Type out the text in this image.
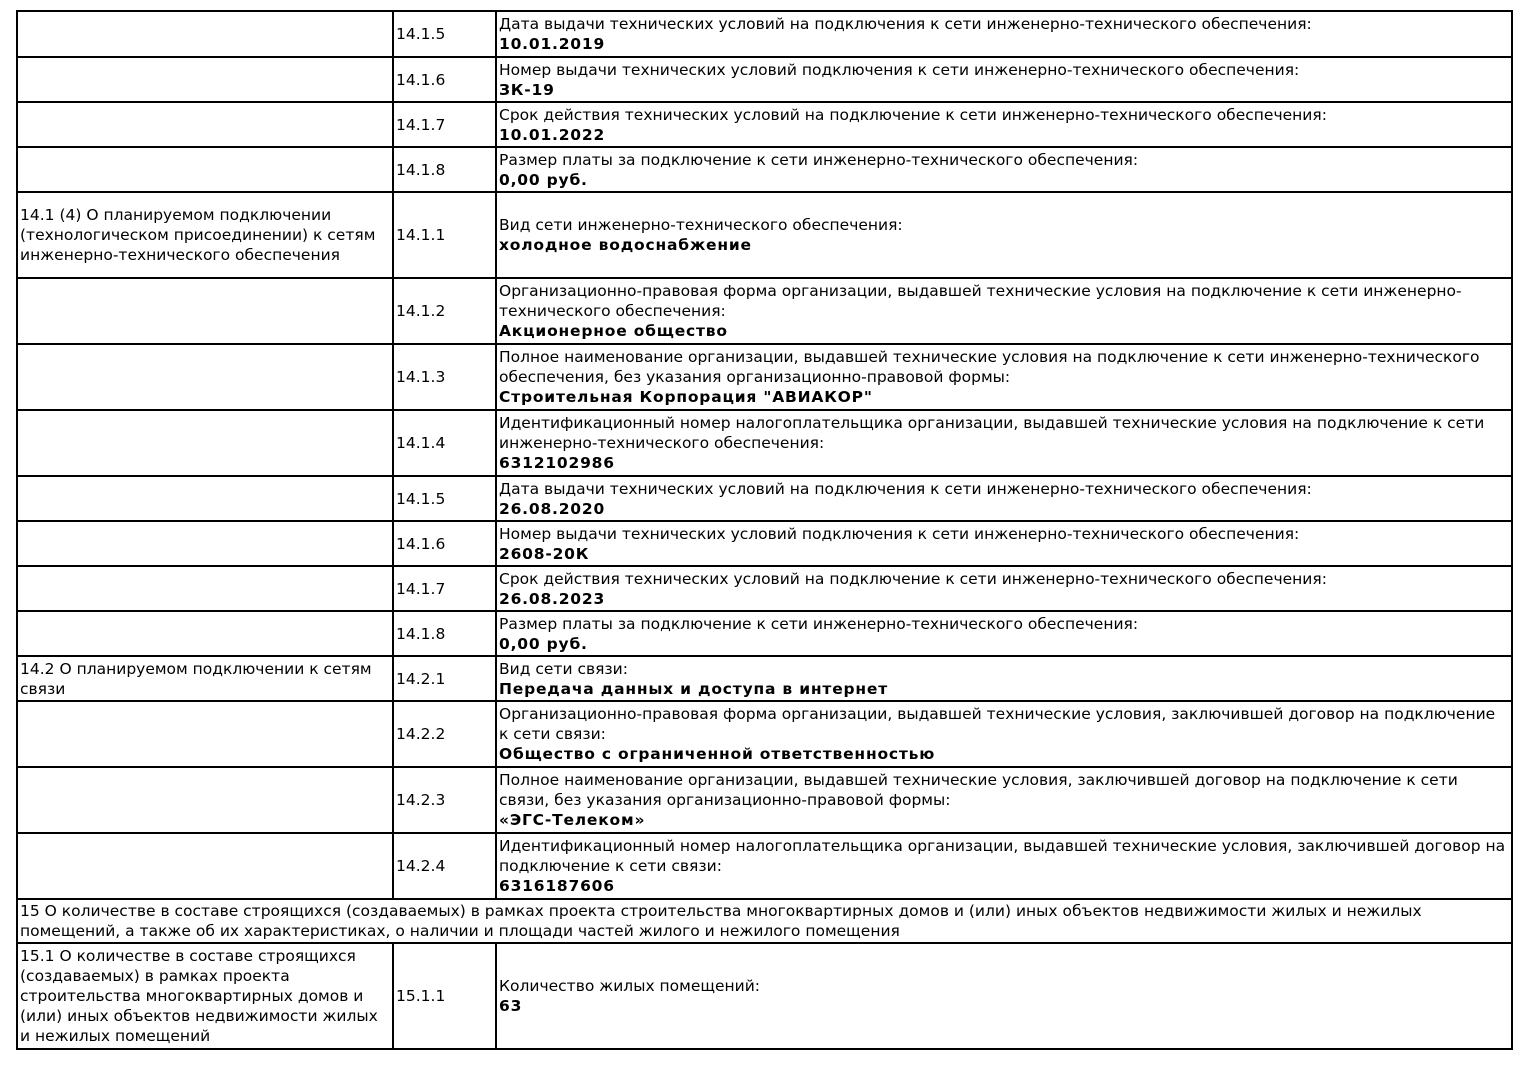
	14.1.5	Дата выдачи технических условий на подключения к сети инженерно-технического обеспечения:
10.01.2019

	14.1.6	Номер выдачи технических условий подключения к сети инженерно-технического обеспечения:
ЗК-19

	14.1.7	Срок действия технических условий на подключение к сети инженерно-технического обеспечения:
10.01.2022

	14.1.8	Размер платы за подключение к сети инженерно-технического обеспечения:
0,00 руб.

14.1 (4) О планируемом подключении (технологическом присоединении) к сетям инженерно-технического обеспечения	14.1.1	Вид сети инженерно-технического обеспечения:
холодное водоснабжение

	14.1.2	Организационно-правовая форма организации, выдавшей технические условия на подключение к сети инженерно-технического обеспечения:
Акционерное общество

	14.1.3	Полное наименование организации, выдавшей технические условия на подключение к сети инженерно-технического обеспечения, без указания организационно-правовой формы:
Строительная Корпорация "АВИАКОР"

	14.1.4	Идентификационный номер налогоплательщика организации, выдавшей технические условия на подключение к сети инженерно-технического обеспечения:
6312102986

	14.1.5	Дата выдачи технических условий на подключения к сети инженерно-технического обеспечения:
26.08.2020

	14.1.6	Номер выдачи технических условий подключения к сети инженерно-технического обеспечения:
2608-20К

	14.1.7	Срок действия технических условий на подключение к сети инженерно-технического обеспечения:
26.08.2023

	14.1.8	Размер платы за подключение к сети инженерно-технического обеспечения:
0,00 руб.

14.2 О планируемом подключении к сетям связи	14.2.1	Вид сети связи:
Передача данных и доступа в интернет

	14.2.2	Организационно-правовая форма организации, выдавшей технические условия, заключившей договор на подключение к сети связи:
Общество с ограниченной ответственностью

	14.2.3	Полное наименование организации, выдавшей технические условия, заключившей договор на подключение к сети связи, без указания организационно-правовой формы:
«ЭГС-Телеком»

	14.2.4	Идентификационный номер налогоплательщика организации, выдавшей технические условия, заключившей договор на подключение к сети связи:
6316187606

15 О количестве в составе строящихся (создаваемых) в рамках проекта строительства многоквартирных домов и (или) иных объектов недвижимости жилых и нежилых помещений, а также об их характеристиках, о наличии и площади частей жилого и нежилого помещения		
15.1 О количестве в составе строящихся (создаваемых) в рамках проекта строительства многоквартирных домов и (или) иных объектов недвижимости жилых и нежилых помещений	15.1.1	Количество жилых помещений:
63
